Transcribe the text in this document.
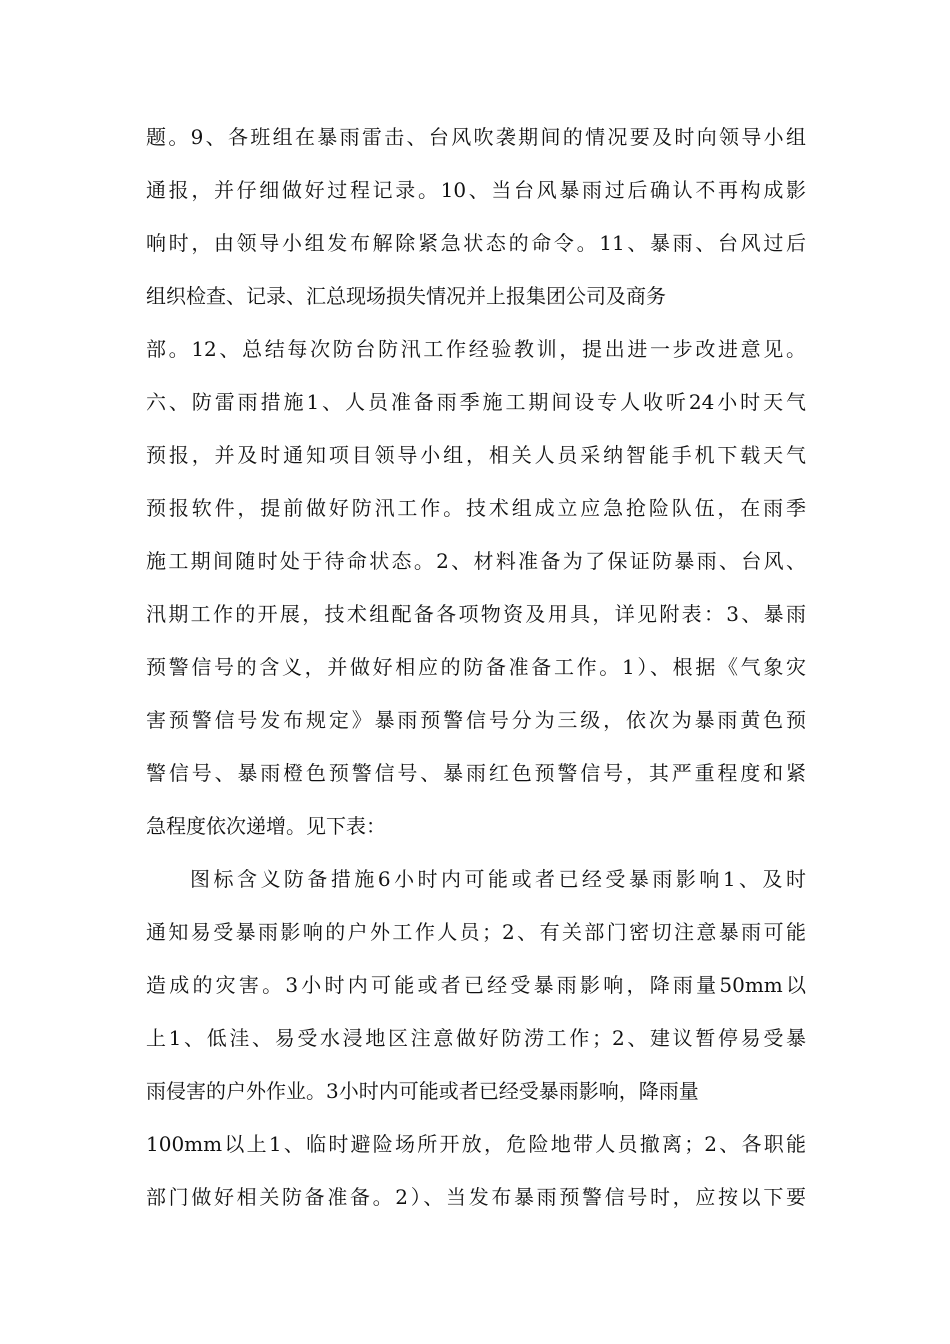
题。9、各班组在暴雨雷击、台风吹袭期间的情况要及时向领导小组
通报，并仔细做好过程记录。10、当台风暴雨过后确认不再构成影
响时，由领导小组发布解除紧急状态的命令。11、暴雨、台风过后
组织检查、记录、汇总现场损失情况并上报集团公司及商务
部。12、总结每次防台防汛工作经验教训，提出进一步改进意见。
六、防雷雨措施1、人员准备雨季施工期间设专人收听24小时天气
预报，并及时通知项目领导小组，相关人员采纳智能手机下载天气
预报软件，提前做好防汛工作。技术组成立应急抢险队伍，在雨季
施工期间随时处于待命状态。2、材料准备为了保证防暴雨、台风、
汛期工作的开展，技术组配备各项物资及用具，详见附表：3、暴雨
预警信号的含义，并做好相应的防备准备工作。1）、根据《气象灾
害预警信号发布规定》暴雨预警信号分为三级，依次为暴雨黄色预
警信号、暴雨橙色预警信号、暴雨红色预警信号，其严重程度和紧
急程度依次递增。见下表：
图标含义防备措施6小时内可能或者已经受暴雨影响1、及时
通知易受暴雨影响的户外工作人员；2、有关部门密切注意暴雨可能
造成的灾害。3小时内可能或者已经受暴雨影响，降雨量50mm以
上1、低洼、易受水浸地区注意做好防涝工作；2、建议暂停易受暴
雨侵害的户外作业。3小时内可能或者已经受暴雨影响，降雨量
100mm以上1、临时避险场所开放，危险地带人员撤离；2、各职能
部门做好相关防备准备。2）、当发布暴雨预警信号时，应按以下要
